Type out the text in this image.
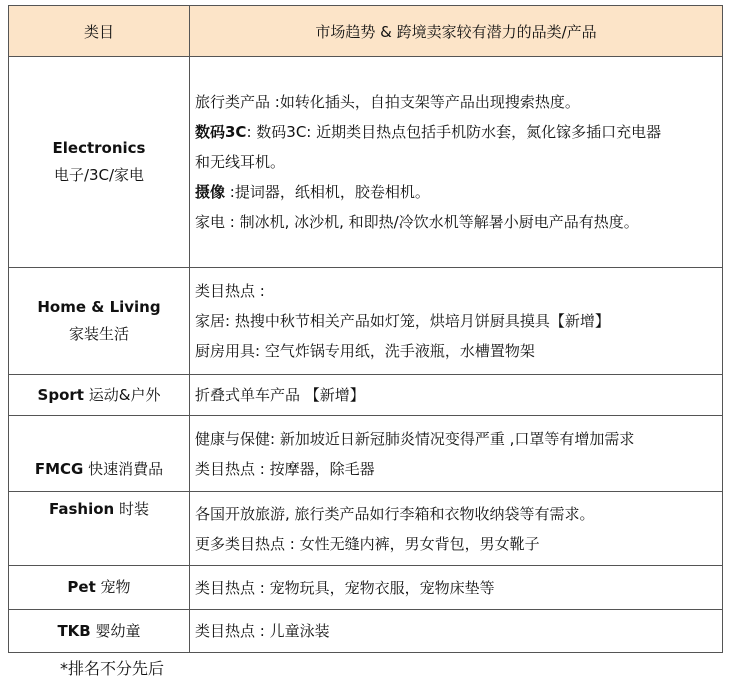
类目	市场趋势 & 跨境卖家较有潜力的品类/产品
Electronics
电子/3C/家电	旅行类产品 :如转化插头，自拍支架等产品出现搜索热度。
数码3C: 数码3C: 近期类目热点包括手机防水套，氮化镓多插口充电器
和无线耳机。
摄像 :提词器，纸相机，胶卷相机。
家电 : 制冰机, 冰沙机, 和即热/冷饮水机等解暑小厨电产品有热度。

Home & Living
家装生活	类目热点 :
家居: 热搜中秋节相关产品如灯笼，烘培月饼厨具摸具【新增】
厨房用具: 空气炸锅专用纸，洗手液瓶，水槽置物架

Sport 运动&户外	折叠式单车产品 【新增】

FMCG 快速消費品	健康与保健: 新加坡近日新冠肺炎情况变得严重 ,口罩等有增加需求
类目热点 : 按摩器，除毛器

Fashion 时装	各国开放旅游, 旅行类产品如行李箱和衣物收纳袋等有需求。
更多类目热点 : 女性无缝内裤，男女背包，男女靴子

Pet 宠物	类目热点 : 宠物玩具，宠物衣服，宠物床垫等

TKB 婴幼童	类目热点 : 儿童泳装
*排名不分先后
